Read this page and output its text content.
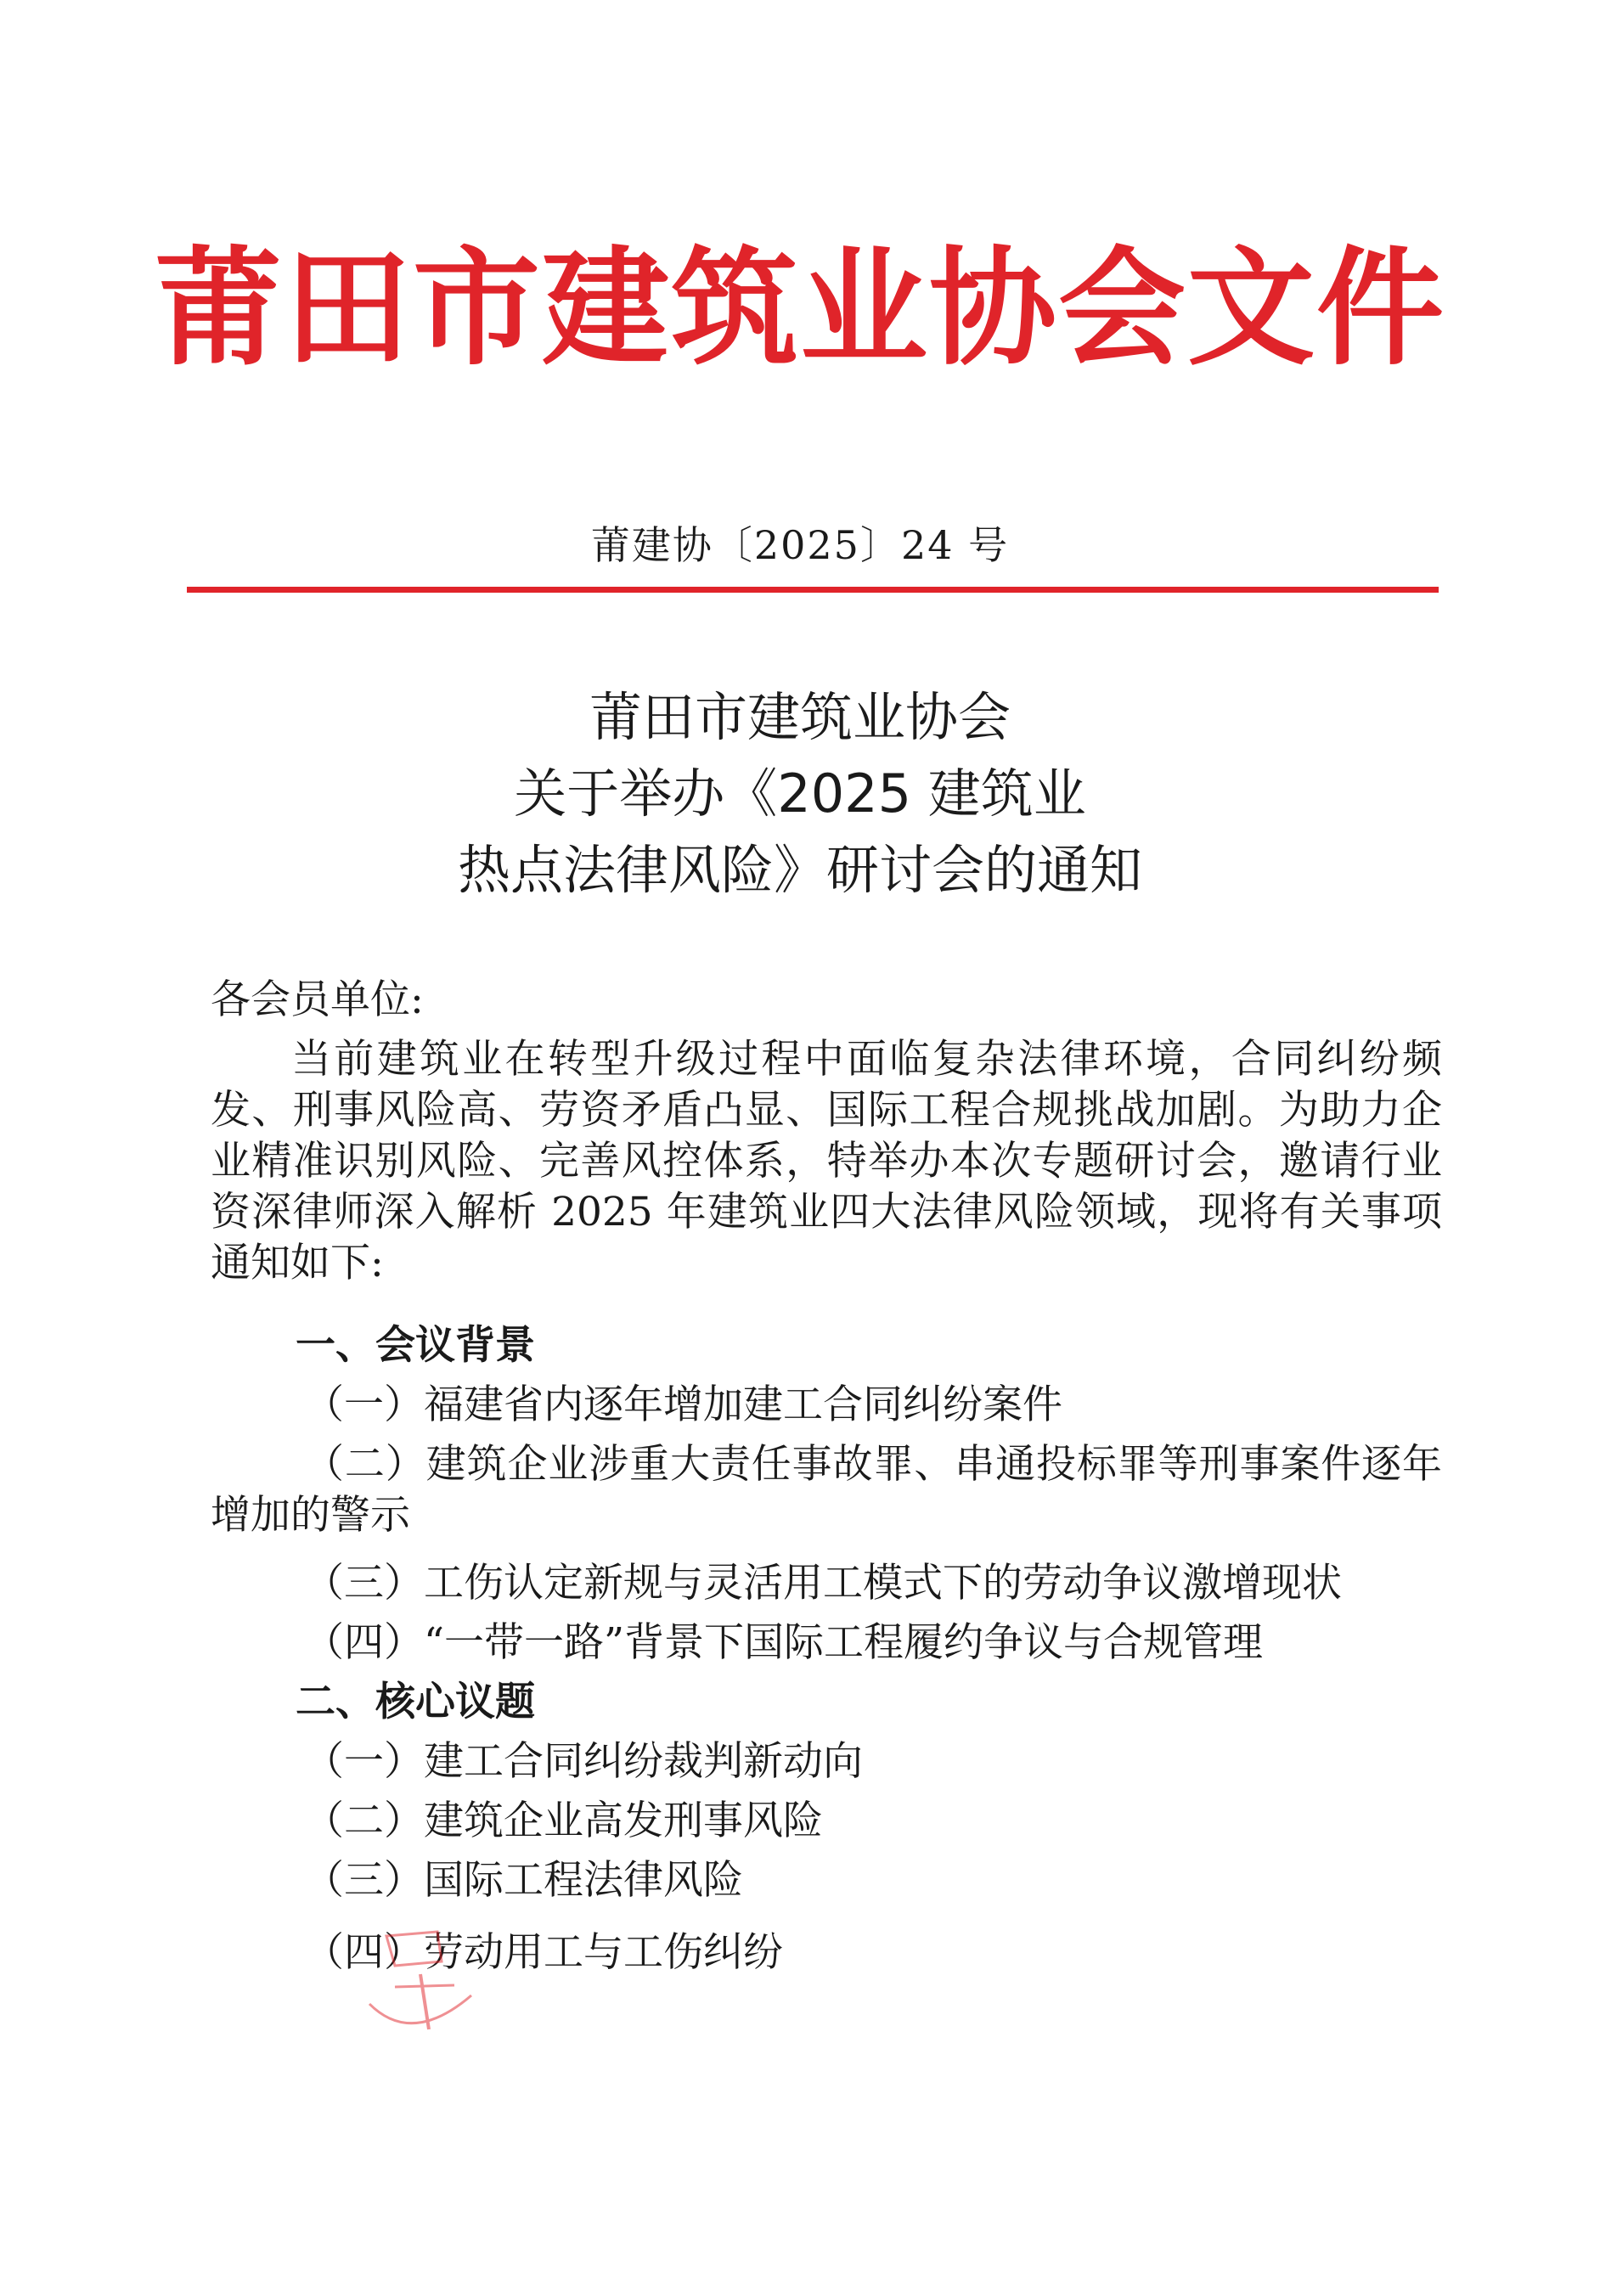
莆田市建筑业协会文件
莆建协〔2025〕24 号
莆田市建筑业协会
关于举办《2025 建筑业
热点法律风险》研讨会的通知
各会员单位:
当前建筑业在转型升级过程中面临复杂法律环境，合同纠纷频发、刑事风险高、劳资矛盾凸显、国际工程合规挑战加剧。为助力企业精准识别风险、完善风控体系，特举办本次专题研讨会，邀请行业资深律师深入解析 2025 年建筑业四大法律风险领域，现将有关事项通知如下:
一、会议背景
（一）福建省内逐年增加建工合同纠纷案件
（二）建筑企业涉重大责任事故罪、串通投标罪等刑事案件逐年增加的警示
（三）工伤认定新规与灵活用工模式下的劳动争议激增现状
（四）“一带一路”背景下国际工程履约争议与合规管理
二、核心议题
（一）建工合同纠纷裁判新动向
（二）建筑企业高发刑事风险
（三）国际工程法律风险
（四）劳动用工与工伤纠纷
